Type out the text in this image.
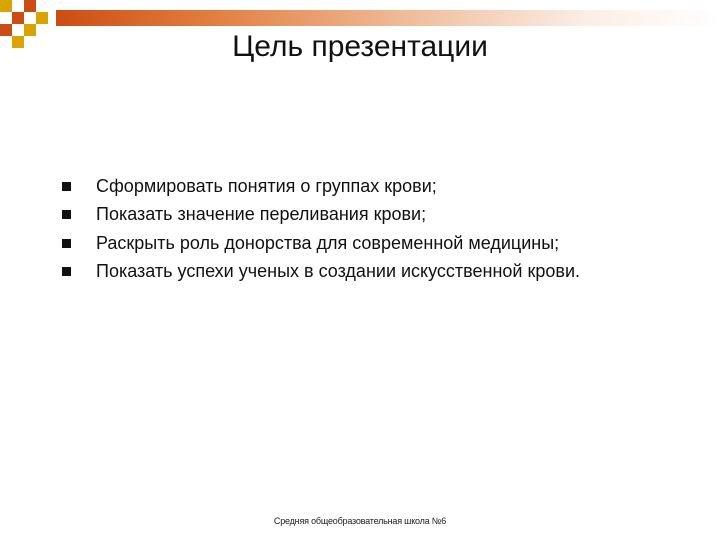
Цель презентации
Сформировать понятия о группах крови;
Показать значение переливания крови;
Раскрыть роль донорства для современной медицины;
Показать успехи ученых в создании искусственной крови.
Средняя общеобразовательная школа №6
